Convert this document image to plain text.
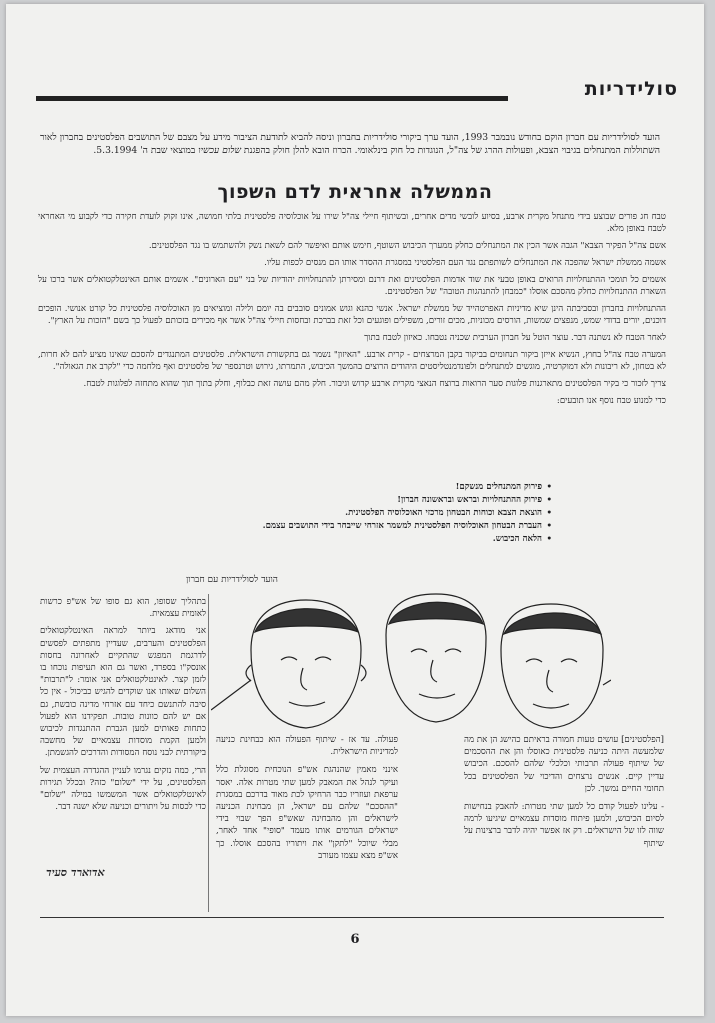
סולידריות
הועד לסולידריות עם חברון הוקם בחודש נובמבר 1993, הועד ערך ביקורי סולידריות בחברון וניסה להביא לתודעת הציבור מידע על מצבם של התושבים הפלסטינים בחברון לאור השתוללות המתנחלים בגיבוי הצבא, ופעולות ההרג של צה"ל, הנוגדות כל חוק בינלאומי. הכרוז הובא להלן חולק בהפגנת שלום עכשיו במוצאי שבת ה' 5.3.1994.
הממשלה אחראית לדם השפוך

טבח חג פורים שבוצע בידי מתנחל מקרית ארבע, בסיוע לובשי מדים אחרים, ובשיתוף חיילי צה"ל שירו על אוכלוסיה פלסטינית בלתי חמושה, אינו זקוק לועדת חקירה כדי לקבוע מי האחראי לטבח באופן מלא.

אשם צה"ל הפקיר הצבא" הגבה אשר הכין את המתנחלים כחלק ממערך הכיבוש השוטף, חימש אותם ואיפשר להם לשאת נשק ולהשתמש בו נגד הפלסטינים.

אשמה ממשלת ישראל שהפכה את המתנחלים לשותפתם נגד העם הפלסטיני במסגרת ההסדר אותו הם מנסים לכפות עליו.

אשמים כל תומכי ההתנחלויות הרואים באופן טבעי את שוד אדמות הפלסטינים ואת דרנם ומסירתן להתנחלויות יהודיות של בני "עם הארונים". אשמים אותם האינטלקטואלים אשר ברכו על השארת ההתנחלויות כחלק מהסכם אוסלו "כמבחן להתנהגות הטובה" של הפלסטינים.

ההתנחלויות בחברון ובסביבתה הינן שיא מדיניות האפרטהייד של ממשלת ישראל. אנשי כהנא וגוש אמונים סובבים בה יומם ולילה ומוציאים מן האוכלוסיה פלסטינית כל קורט אנושי. הופכים דוכנים, יורים בדודי שמש, מנפצים שמשות, הורסים מכוניות, מכים זורים, משפילים ופוגעים וכל זאת בברכת ובחסות חיילי צה"ל אשר אף מכירים בזכותם לפעול כך בשם "הזכות על הארץ".

לאחר הטבח לא נשתנה דבר. עוצר הוטל על חברון הערבית שכניה נטבחו. כאיזון לטבח בתוך

המערה טבח צה"ל בחוץ, הנשיא אייזן ביקור תנחומים בביקור בקבן המרצחים - קרית ארבע. "האיזון" נשמר גם בתקשורת הישראלית. פלסטינים המתנגדים להסכם שאינו מציע להם לא חרות, לא בטחון, לא ריבונות ולא דמוקרטיה, מוגשים למתנחלים ולפונדמנטליסטים היהודים הרוצים בהמשך הכיבוש, התמרתו, גירוש וטרנספר של פלסטינים ואף מלחמה כדי "לקרב את הגאולה".

צריך לזכור כי בקיר הפלסטינים מתארגנות פלוגות סער הרואות ברוצח הנאצי מקרית ארבע קדוש וגיבור. חלק מהם עושה זאת כבלוף, וחלק בתוך תוך שהוא מתחזה לפלוגות לטבח.

כדי למנוע טבח נוסף אנו תובעים:

• פירוק המתנחלים מנשקם!
• פירוק ההתנחלויות ובראש ובראשונה חברון!
• הוצאת הצבא וכוחות הבטחון מרכזי האוכלוסיה הפלסטינית.
• העברת הבטחון האוכלוסיה הפלסטינית למשמר אזרחי שייבחר בידי התושבים עצמם.
• הלאה הכיבוש.
הועד לסולידריות עם חברון

בתהליך שסופו, הוא גם סופו של אש"פ כרשות לאומית עצמאית.

אני מודאג ביותר למראה האינטלקטואלים הפלסטינים והערבים, שעדיין מתפתים לפסשים לדרגמת המפגש שהתקיים לאחרונה בחסות אונסק"ו בספרד, ואשר גם הוא תעיפות נוכחו בו לזמן קצר. לאינטלקטואלים אני אומר: ל"תרבות" השלום שאותו אנו שוקדים להגיש כביכול - אין כל סיבה להתנשם כיחד עם אזרחי מדינה כובשת, גם אם יש להם כוונות טובות. תפקידנו הוא לפעול כתחות פאותים למען הגברת ההתנגדות לכיבוש ולמען הקמת מוסדות עצמאיים של מחשבה ביקורתית לבני נוסח המסודות והדרכים להגשמתן.

הרי, כמה נזקים נגרמו לעניין ההגדרה העצמית של הפלסטינים, על ידי "שלום" כזה? ובכלל תגירות לאינטלקטואלים אשר המשמשו במילה "שלום" כדי לכסות על ויתורים וכניעה שלא ישנה דבר.

אדוארד סעיד

פעולה. עד אז - שיתוף הפעולה הוא כבחינת כניעה למדיניות הישראלית.

אינני מאמין שהנהגת אש"פ הנוכחית מסוגלת כלל ועיקר לנהל את המאבק למען שתי מטרות אלה. יאסר ערפאת ועוזריו כבר הרחיקו לכת מאוד בדרכם במסגרת "ההסכם" שלהם עם ישראל, הן מבחינת הכניעה לישראלים והן מהבחינה שאש"פ הפך שבוי בידי ישראלים הגורמים אותו מעמד "סופי" אחד לאחר, מבלי שיוכל "לתקן" את ויתוריו בהסכם אוסלו. כך אש"פ מצא עצמו מעורב

[הפלסטינים] עושים טעות חמורה בראיתם כהישג הן את מה שלמעשה היתה כניעה פלסטינית כאוסלו והן את ההסכמים של שיתוף פעולה תרבותי וכלכלי שלהם להסכם. הכיבוש עדיין קיים. אנשים נרצחים והדיכוי של הפלסטינים בכל תחומי החיים נמשך. לכן

- עלינו לפעול קודם כל למען שתי מטרות: להאבק בנחישות לסיום הכיבוש, ולמען פיתוח מוסדות עצמאיים שיגיעו לרמה שווה לזו של הישראלים. רק אז אפשר יהיה לדבר ברצינות על שיתוף

6
